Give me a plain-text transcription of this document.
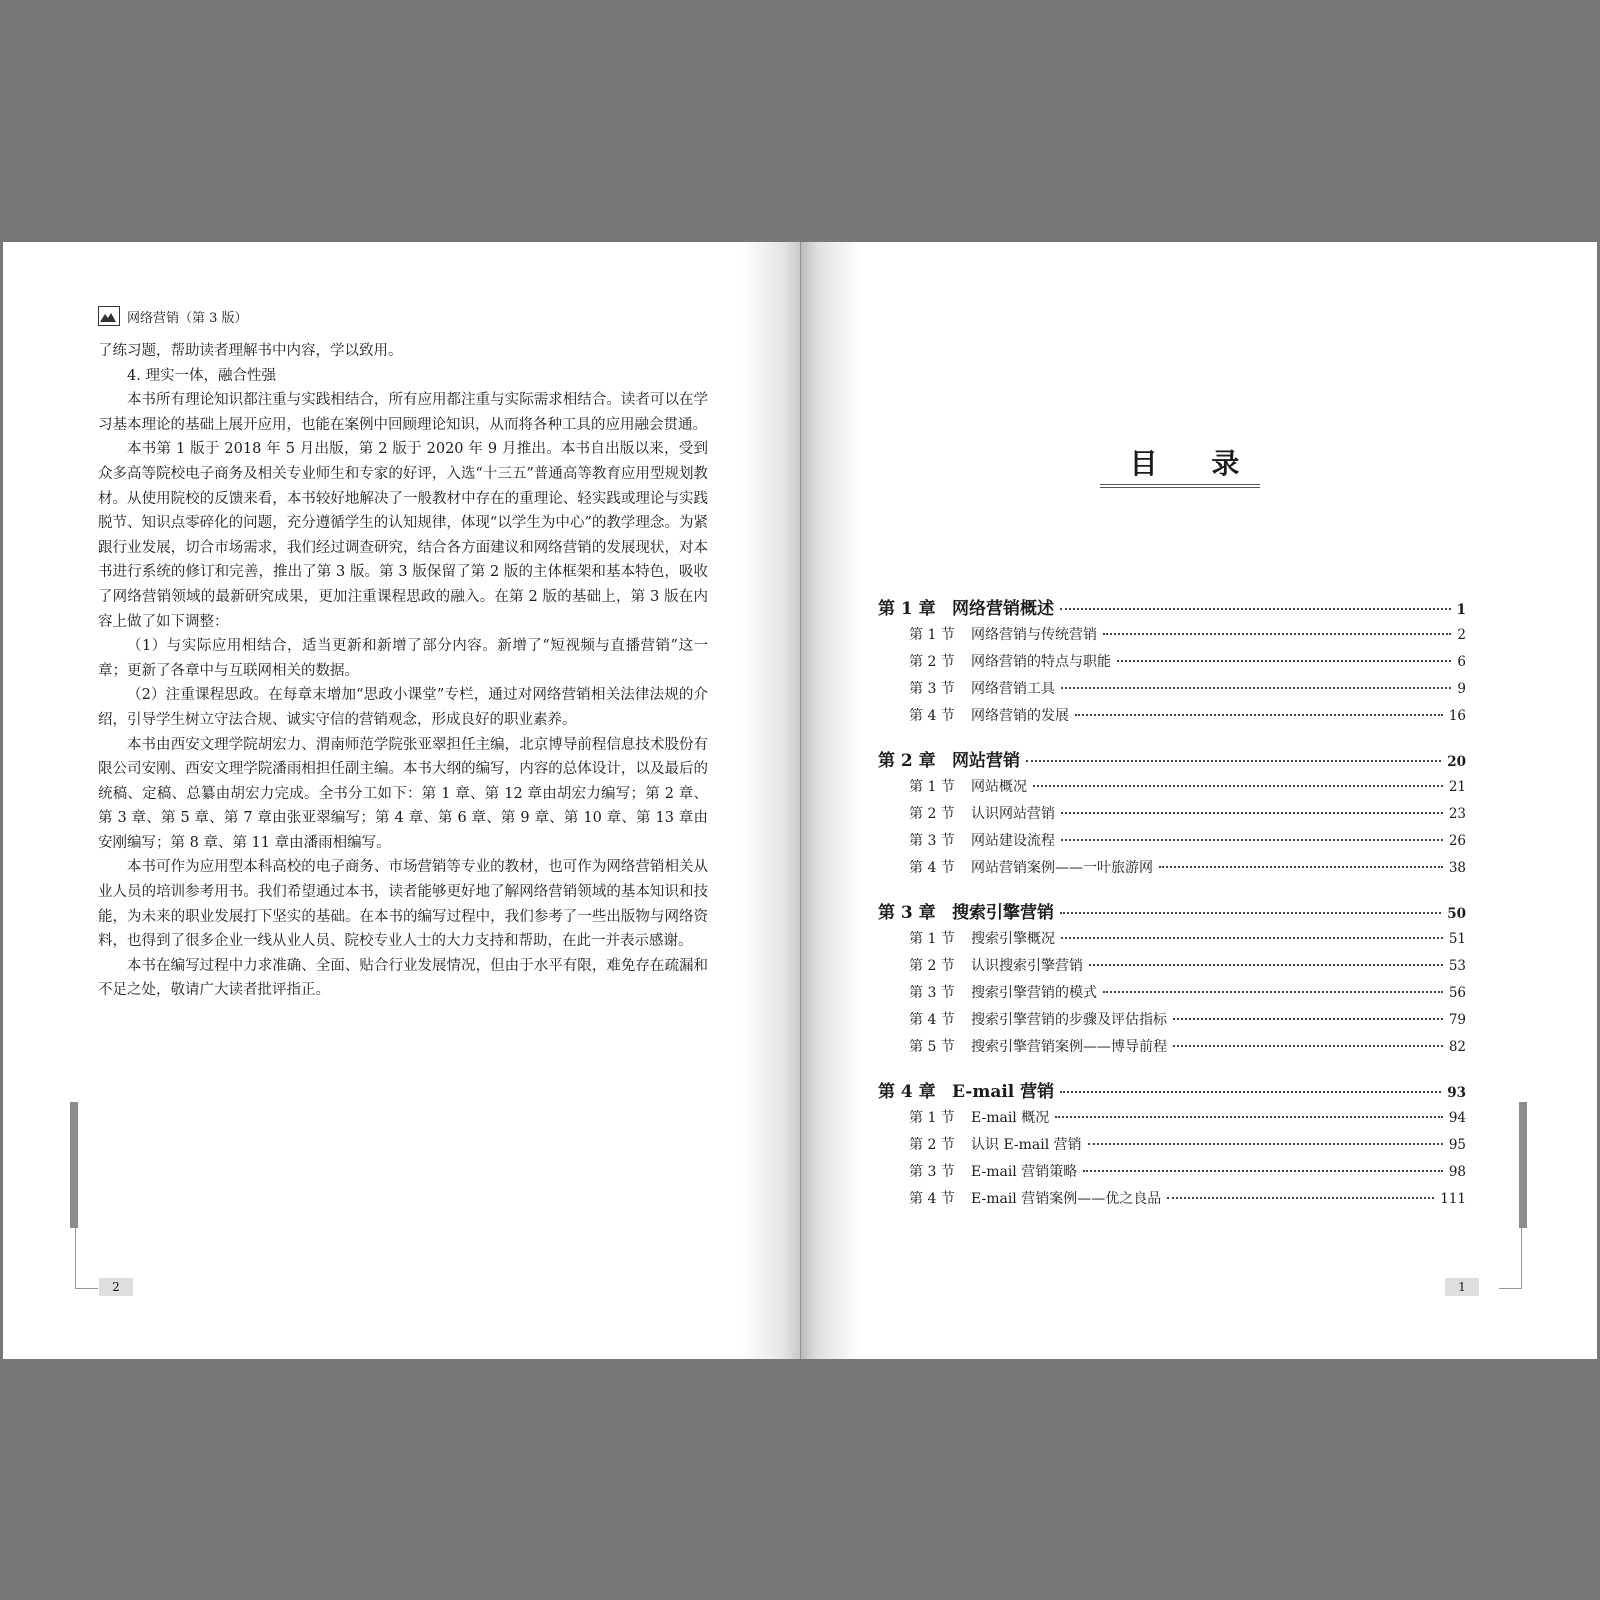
网络营销（第 3 版）

了练习题，帮助读者理解书中内容，学以致用。

4. 理实一体，融合性强

本书所有理论知识都注重与实践相结合，所有应用都注重与实际需求相结合。读者可以在学习基本理论的基础上展开应用，也能在案例中回顾理论知识，从而将各种工具的应用融会贯通。

本书第 1 版于 2018 年 5 月出版，第 2 版于 2020 年 9 月推出。本书自出版以来，受到众多高等院校电子商务及相关专业师生和专家的好评，入选“十三五”普通高等教育应用型规划教材。从使用院校的反馈来看，本书较好地解决了一般教材中存在的重理论、轻实践或理论与实践脱节、知识点零碎化的问题，充分遵循学生的认知规律，体现“以学生为中心”的教学理念。为紧跟行业发展，切合市场需求，我们经过调查研究，结合各方面建议和网络营销的发展现状，对本书进行系统的修订和完善，推出了第 3 版。第 3 版保留了第 2 版的主体框架和基本特色，吸收了网络营销领域的最新研究成果，更加注重课程思政的融入。在第 2 版的基础上，第 3 版在内容上做了如下调整：

（1）与实际应用相结合，适当更新和新增了部分内容。新增了“短视频与直播营销”这一章；更新了各章中与互联网相关的数据。

（2）注重课程思政。在每章末增加“思政小课堂”专栏，通过对网络营销相关法律法规的介绍，引导学生树立守法合规、诚实守信的营销观念，形成良好的职业素养。

本书由西安文理学院胡宏力、渭南师范学院张亚翠担任主编，北京博导前程信息技术股份有限公司安刚、西安文理学院潘雨相担任副主编。本书大纲的编写，内容的总体设计，以及最后的统稿、定稿、总纂由胡宏力完成。全书分工如下：第 1 章、第 12 章由胡宏力编写；第 2 章、第 3 章、第 5 章、第 7 章由张亚翠编写；第 4 章、第 6 章、第 9 章、第 10 章、第 13 章由安刚编写；第 8 章、第 11 章由潘雨相编写。

本书可作为应用型本科高校的电子商务、市场营销等专业的教材，也可作为网络营销相关从业人员的培训参考用书。我们希望通过本书，读者能够更好地了解网络营销领域的基本知识和技能，为未来的职业发展打下坚实的基础。在本书的编写过程中，我们参考了一些出版物与网络资料，也得到了很多企业一线从业人员、院校专业人士的大力支持和帮助，在此一并表示感谢。

本书在编写过程中力求准确、全面、贴合行业发展情况，但由于水平有限，难免存在疏漏和不足之处，敬请广大读者批评指正。

2
目 录
第 1 章 网络营销概述	1
第 1 节 网络营销与传统营销	2
第 2 节 网络营销的特点与职能	6
第 3 节 网络营销工具	9
第 4 节 网络营销的发展	16
第 2 章 网站营销	20
第 1 节 网站概况	21
第 2 节 认识网站营销	23
第 3 节 网站建设流程	26
第 4 节 网站营销案例——一叶旅游网	38
第 3 章 搜索引擎营销	50
第 1 节 搜索引擎概况	51
第 2 节 认识搜索引擎营销	53
第 3 节 搜索引擎营销的模式	56
第 4 节 搜索引擎营销的步骤及评估指标	79
第 5 节 搜索引擎营销案例——博导前程	82
第 4 章 E-mail 营销	93
第 1 节 E-mail 概况	94
第 2 节 认识 E-mail 营销	95
第 3 节 E-mail 营销策略	98
第 4 节 E-mail 营销案例——优之良品	111
1
